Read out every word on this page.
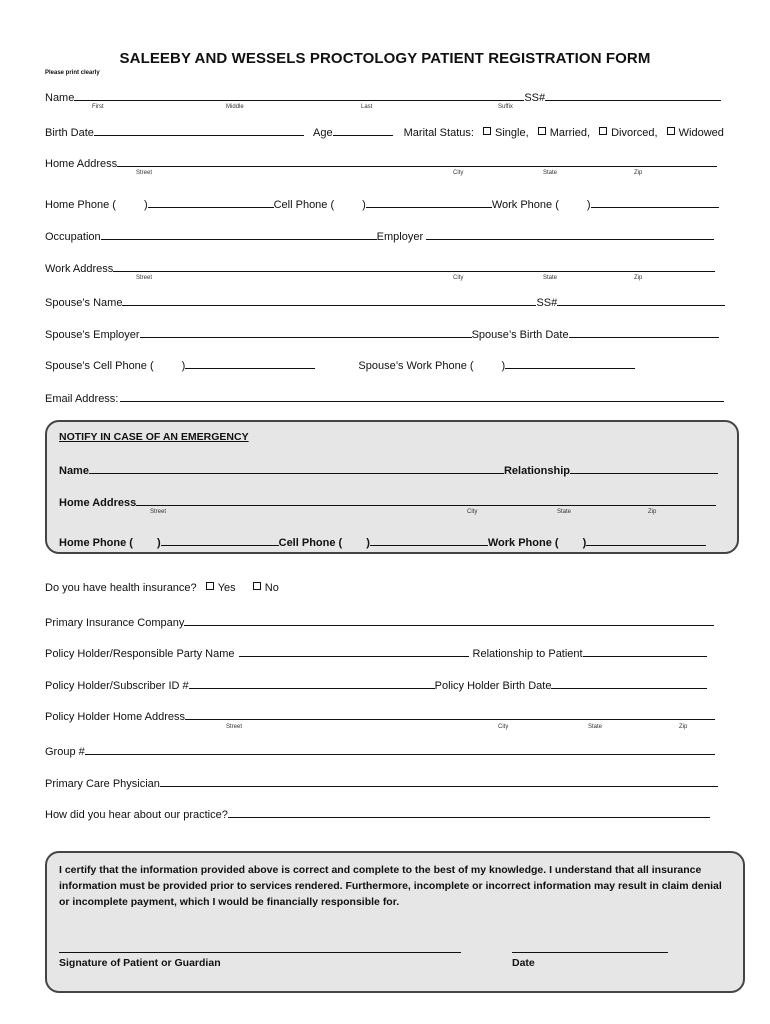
SALEEBY AND WESSELS PROCTOLOGY PATIENT REGISTRATION FORM
Please print clearly
Name	SS#
First	Middle	Last	Suffix
Birth Date	Age	Marital Status: Single, Married, Divorced, Widowed
Home Address
Street	City	State	Zip
Home Phone (	)	Cell Phone (	)	Work Phone (	)
Occupation	Employer
Work Address
Street	City	State	Zip
Spouse’s Name	SS#
Spouse’s Employer	Spouse’s Birth Date
Spouse’s Cell Phone (	)	Spouse’s Work Phone (	)
Email Address:
NOTIFY IN CASE OF AN EMERGENCY
Name	Relationship
Home Address
Street	City	State	Zip
Home Phone ( )	Cell Phone ( )	Work Phone ( )
Do you have health insurance? Yes	No
Primary Insurance Company
Policy Holder/Responsible Party Name	Relationship to Patient
Policy Holder/Subscriber ID #	Policy Holder Birth Date
Policy Holder Home Address
Street	City	State	Zip
Group #
Primary Care Physician
How did you hear about our practice?
I certify that the information provided above is correct and complete to the best of my knowledge. I understand that all insurance information must be provided prior to services rendered. Furthermore, incomplete or incorrect information may result in claim denial or incomplete payment, which I would be financially responsible for.
Signature of Patient or Guardian	Date
